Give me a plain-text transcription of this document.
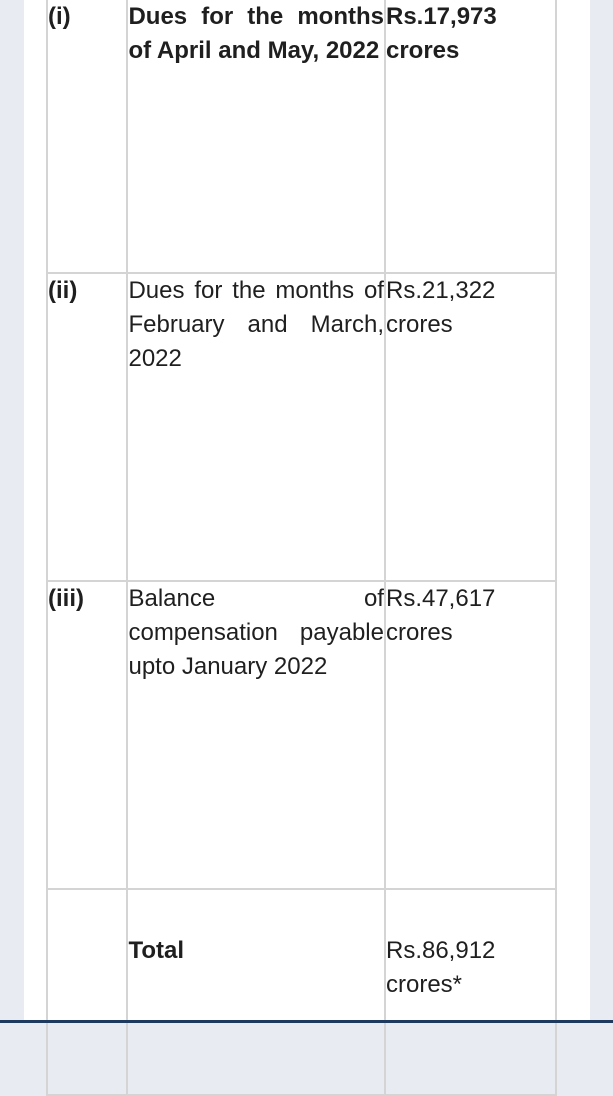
(i)	Dues for the months of April and May, 2022	Rs.17,973
crores
(ii)	Dues for the months of February and March, 2022	Rs.21,322
crores
(iii)	Balance of compensation payable upto January 2022	Rs.47,617
crores
	Total	Rs.86,912
crores*
